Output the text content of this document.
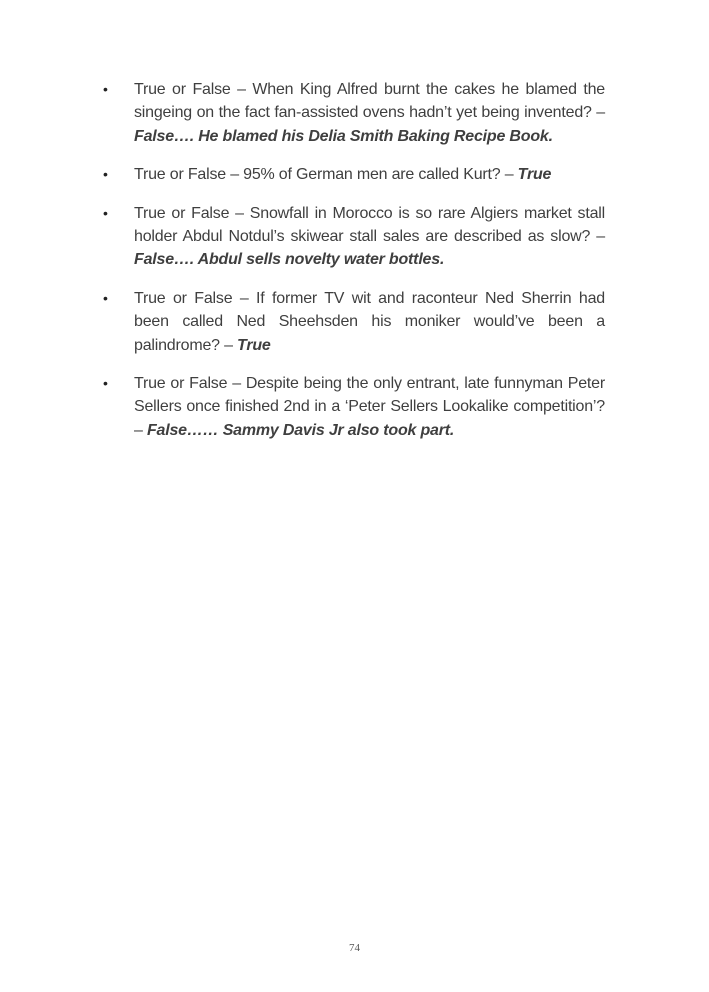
• True or False – When King Alfred burnt the cakes he blamed the singeing on the fact fan-assisted ovens hadn’t yet being invented? – False…. He blamed his Delia Smith Baking Recipe Book.
• True or False – 95% of German men are called Kurt? – True
• True or False – Snowfall in Morocco is so rare Algiers market stall holder Abdul Notdul’s skiwear stall sales are described as slow? – False…. Abdul sells novelty water bottles.
• True or False – If former TV wit and raconteur Ned Sherrin had been called Ned Sheehsden his moniker would’ve been a palindrome? – True
• True or False – Despite being the only entrant, late funnyman Peter Sellers once finished 2nd in a ‘Peter Sellers Lookalike competition’? – False…… Sammy Davis Jr also took part.
74
